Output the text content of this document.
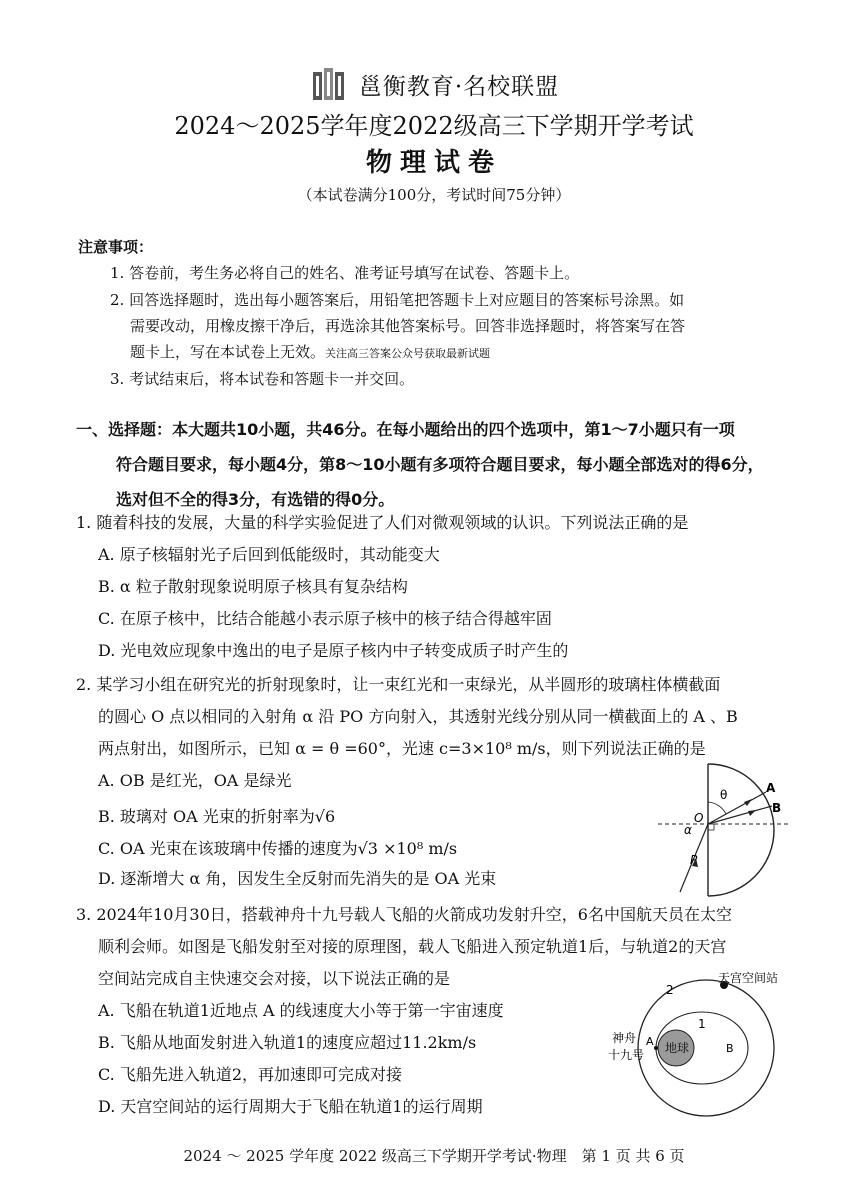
邕衡教育·名校联盟
2024～2025学年度2022级高三下学期开学考试
物理试卷
（本试卷满分100分，考试时间75分钟）
注意事项：
1. 答卷前，考生务必将自己的姓名、准考证号填写在试卷、答题卡上。
2. 回答选择题时，选出每小题答案后，用铅笔把答题卡上对应题目的答案标号涂黑。如
需要改动，用橡皮擦干净后，再选涂其他答案标号。回答非选择题时，将答案写在答
题卡上，写在本试卷上无效。关注高三答案公众号获取最新试题
3. 考试结束后，将本试卷和答题卡一并交回。
一、选择题：本大题共10小题，共46分。在每小题给出的四个选项中，第1～7小题只有一项
符合题目要求，每小题4分，第8～10小题有多项符合题目要求，每小题全部选对的得6分，
选对但不全的得3分，有选错的得0分。
1. 随着科技的发展，大量的科学实验促进了人们对微观领域的认识。下列说法正确的是
A. 原子核辐射光子后回到低能级时，其动能变大
B. α 粒子散射现象说明原子核具有复杂结构
C. 在原子核中，比结合能越小表示原子核中的核子结合得越牢固
D. 光电效应现象中逸出的电子是原子核内中子转变成质子时产生的
2. 某学习小组在研究光的折射现象时，让一束红光和一束绿光，从半圆形的玻璃柱体横截面
的圆心 O 点以相同的入射角 α 沿 PO 方向射入，其透射光线分别从同一横截面上的 A 、B
两点射出，如图所示，已知 α = θ =60°，光速 c=3×10⁸ m/s，则下列说法正确的是
A. OB 是红光，OA 是绿光
B. 玻璃对 OA 光束的折射率为√6
C. OA 光束在该玻璃中传播的速度为√3 ×10⁸ m/s
D. 逐渐增大 α 角，因发生全反射而先消失的是 OA 光束
θ	A
B
O
α
P
3. 2024年10月30日，搭载神舟十九号载人飞船的火箭成功发射升空，6名中国航天员在太空
顺利会师。如图是飞船发射至对接的原理图，载人飞船进入预定轨道1后，与轨道2的天宫
空间站完成自主快速交会对接，以下说法正确的是
A. 飞船在轨道1近地点 A 的线速度大小等于第一宇宙速度
B. 飞船从地面发射进入轨道1的速度应超过11.2km/s
C. 飞船先进入轨道2，再加速即可完成对接
D. 天宫空间站的运行周期大于飞船在轨道1的运行周期
天宫空间站
2
1
神舟
十九号
A
B
地球
2024 ～ 2025 学年度 2022 级高三下学期开学考试·物理　第 1 页 共 6 页
